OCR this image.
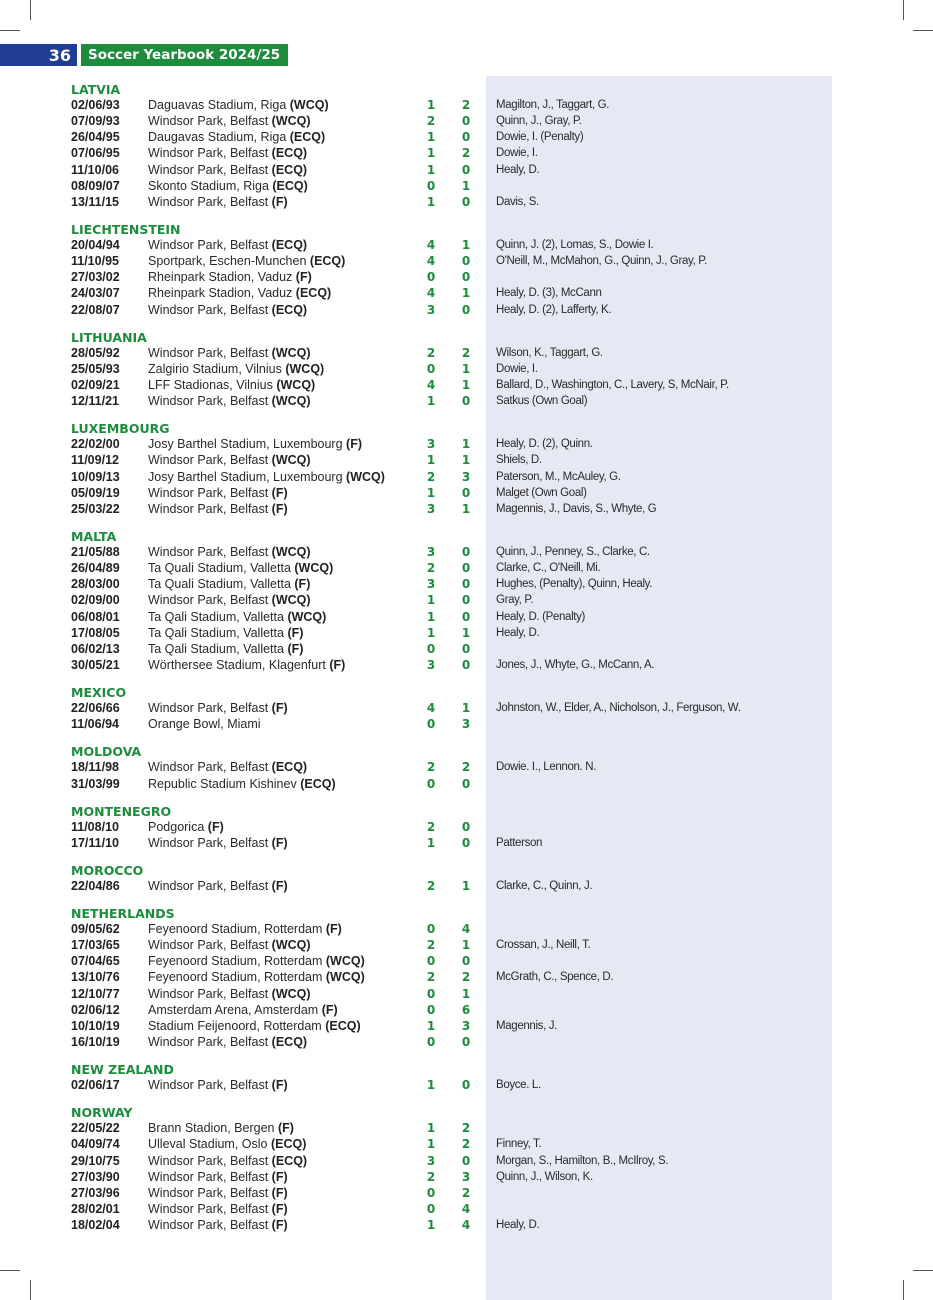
36	Soccer Yearbook 2024/25
LATVIA
02/06/93 Daguavas Stadium, Riga (WCQ)	1	2	Magilton, J., Taggart, G.
07/09/93 Windsor Park, Belfast (WCQ)	2	0	Quinn, J., Gray, P.
26/04/95 Daugavas Stadium, Riga (ECQ)	1	0	Dowie, I. (Penalty)
07/06/95 Windsor Park, Belfast (ECQ)	1	2	Dowie, I.
11/10/06 Windsor Park, Belfast (ECQ)	1	0	Healy, D.
08/09/07 Skonto Stadium, Riga (ECQ)	0	1
13/11/15 Windsor Park, Belfast (F)	1	0	Davis, S.
LIECHTENSTEIN
20/04/94 Windsor Park, Belfast (ECQ)	4	1	Quinn, J. (2), Lomas, S., Dowie I.
11/10/95 Sportpark, Eschen-Munchen (ECQ)	4	0	O'Neill, M., McMahon, G., Quinn, J., Gray, P.
27/03/02 Rheinpark Stadion, Vaduz (F)	0	0
24/03/07 Rheinpark Stadion, Vaduz (ECQ)	4	1	Healy, D. (3), McCann
22/08/07 Windsor Park, Belfast (ECQ)	3	0	Healy, D. (2), Lafferty, K.
LITHUANIA
28/05/92 Windsor Park, Belfast (WCQ)	2	2	Wilson, K., Taggart, G.
25/05/93 Zalgirio Stadium, Vilnius (WCQ)	0	1	Dowie, I.
02/09/21 LFF Stadionas, Vilnius (WCQ)	4	1	Ballard, D., Washington, C., Lavery, S, McNair, P.
12/11/21 Windsor Park, Belfast (WCQ)	1	0	Satkus (Own Goal)
LUXEMBOURG
22/02/00 Josy Barthel Stadium, Luxembourg (F)	3	1	Healy, D. (2), Quinn.
11/09/12 Windsor Park, Belfast (WCQ)	1	1	Shiels, D.
10/09/13 Josy Barthel Stadium, Luxembourg (WCQ)	2	3	Paterson, M., McAuley, G.
05/09/19 Windsor Park, Belfast (F)	1	0	Malget (Own Goal)
25/03/22 Windsor Park, Belfast (F)	3	1	Magennis, J., Davis, S., Whyte, G
MALTA
21/05/88 Windsor Park, Belfast (WCQ)	3	0	Quinn, J., Penney, S., Clarke, C.
26/04/89 Ta Quali Stadium, Valletta (WCQ)	2	0	Clarke, C., O'Neill, Mi.
28/03/00 Ta Quali Stadium, Valletta (F)	3	0	Hughes, (Penalty), Quinn, Healy.
02/09/00 Windsor Park, Belfast (WCQ)	1	0	Gray, P.
06/08/01 Ta Qali Stadium, Valletta (WCQ)	1	0	Healy, D. (Penalty)
17/08/05 Ta Qali Stadium, Valletta (F)	1	1	Healy, D.
06/02/13 Ta Qali Stadium, Valletta (F)	0	0
30/05/21 Wörthersee Stadium, Klagenfurt (F)	3	0	Jones, J., Whyte, G., McCann, A.
MEXICO
22/06/66 Windsor Park, Belfast (F)	4	1	Johnston, W., Elder, A., Nicholson, J., Ferguson, W.
11/06/94 Orange Bowl, Miami	0	3
MOLDOVA
18/11/98 Windsor Park, Belfast (ECQ)	2	2	Dowie. I., Lennon. N.
31/03/99 Republic Stadium Kishinev (ECQ)	0	0
MONTENEGRO
11/08/10 Podgorica (F)	2	0
17/11/10 Windsor Park, Belfast (F)	1	0	Patterson
MOROCCO
22/04/86 Windsor Park, Belfast (F)	2	1	Clarke, C., Quinn, J.
NETHERLANDS
09/05/62 Feyenoord Stadium, Rotterdam (F)	0	4
17/03/65 Windsor Park, Belfast (WCQ)	2	1	Crossan, J., Neill, T.
07/04/65 Feyenoord Stadium, Rotterdam (WCQ)	0	0
13/10/76 Feyenoord Stadium, Rotterdam (WCQ)	2	2	McGrath, C., Spence, D.
12/10/77 Windsor Park, Belfast (WCQ)	0	1
02/06/12 Amsterdam Arena, Amsterdam (F)	0	6
10/10/19 Stadium Feijenoord, Rotterdam (ECQ)	1	3	Magennis, J.
16/10/19 Windsor Park, Belfast (ECQ)	0	0
NEW ZEALAND
02/06/17 Windsor Park, Belfast (F)	1	0	Boyce. L.
NORWAY
22/05/22 Brann Stadion, Bergen (F)	1	2
04/09/74 Ulleval Stadium, Oslo (ECQ)	1	2	Finney, T.
29/10/75 Windsor Park, Belfast (ECQ)	3	0	Morgan, S., Hamilton, B., McIlroy, S.
27/03/90 Windsor Park, Belfast (F)	2	3	Quinn, J., Wilson, K.
27/03/96 Windsor Park, Belfast (F)	0	2
28/02/01 Windsor Park, Belfast (F)	0	4
18/02/04 Windsor Park, Belfast (F)	1	4	Healy, D.
